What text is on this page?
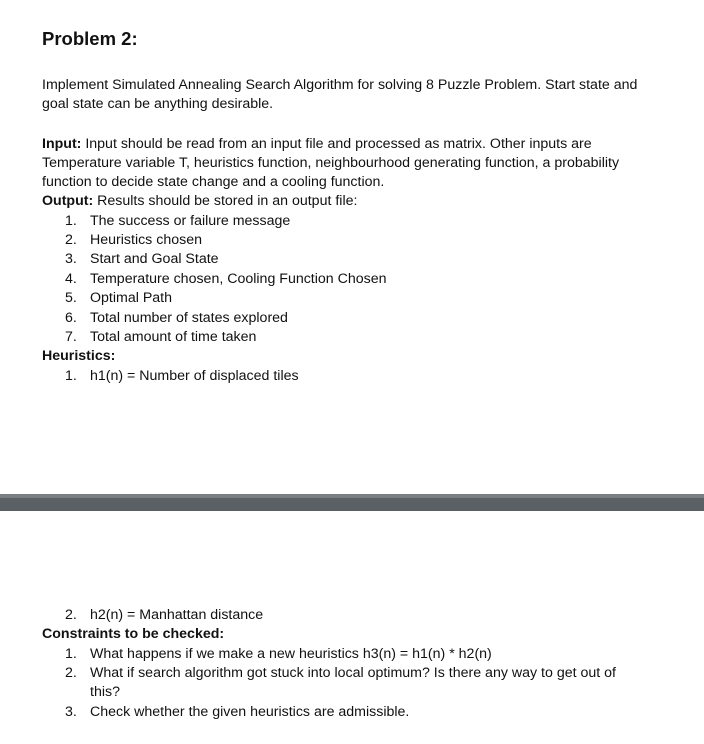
Problem 2:
Implement Simulated Annealing Search Algorithm for solving 8 Puzzle Problem. Start state and
goal state can be anything desirable.
Input: Input should be read from an input file and processed as matrix. Other inputs are
Temperature variable T, heuristics function, neighbourhood generating function, a probability
function to decide state change and a cooling function.
Output: Results should be stored in an output file:
1. The success or failure message
2. Heuristics chosen
3. Start and Goal State
4. Temperature chosen, Cooling Function Chosen
5. Optimal Path
6. Total number of states explored
7. Total amount of time taken
Heuristics:
1. h1(n) = Number of displaced tiles
2. h2(n) = Manhattan distance
Constraints to be checked:
1. What happens if we make a new heuristics h3(n) = h1(n) * h2(n)
2. What if search algorithm got stuck into local optimum? Is there any way to get out of
this?
3. Check whether the given heuristics are admissible.
